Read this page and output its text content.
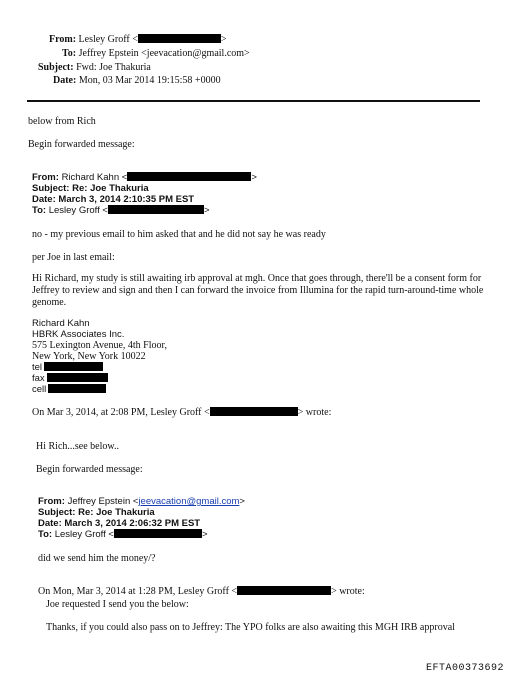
From: Lesley Groff <	>
To: Jeffrey Epstein <jeevacation@gmail.com>
Subject: Fwd: Joe Thakuria
Date: Mon, 03 Mar 2014 19:15:58 +0000
below from Rich
Begin forwarded message:
From: Richard Kahn <	>
Subject: Re: Joe Thakuria
Date: March 3, 2014 2:10:35 PM EST
To: Lesley Groff <	>
no - my previous email to him asked that and he did not say he was ready
per Joe in last email:
Hi Richard, my study is still awaiting irb approval at mgh. Once that goes through, there'll be a consent form for Jeffrey to review and sign and then I can forward the invoice from Illumina for the rapid turn-around-time whole genome.
Richard Kahn
HBRK Associates Inc.
575 Lexington Avenue, 4th Floor,
New York, New York 10022
tel
fax
cell
On Mar 3, 2014, at 2:08 PM, Lesley Groff <	> wrote:
Hi Rich...see below..
Begin forwarded message:
From: Jeffrey Epstein <jeevacation@gmail.com>
Subject: Re: Joe Thakuria
Date: March 3, 2014 2:06:32 PM EST
To: Lesley Groff <	>
did we send him the money/?
On Mon, Mar 3, 2014 at 1:28 PM, Lesley Groff <	> wrote:
Joe requested I send you the below:
Thanks, if you could also pass on to Jeffrey: The YPO folks are also awaiting this MGH IRB approval
EFTA00373692
